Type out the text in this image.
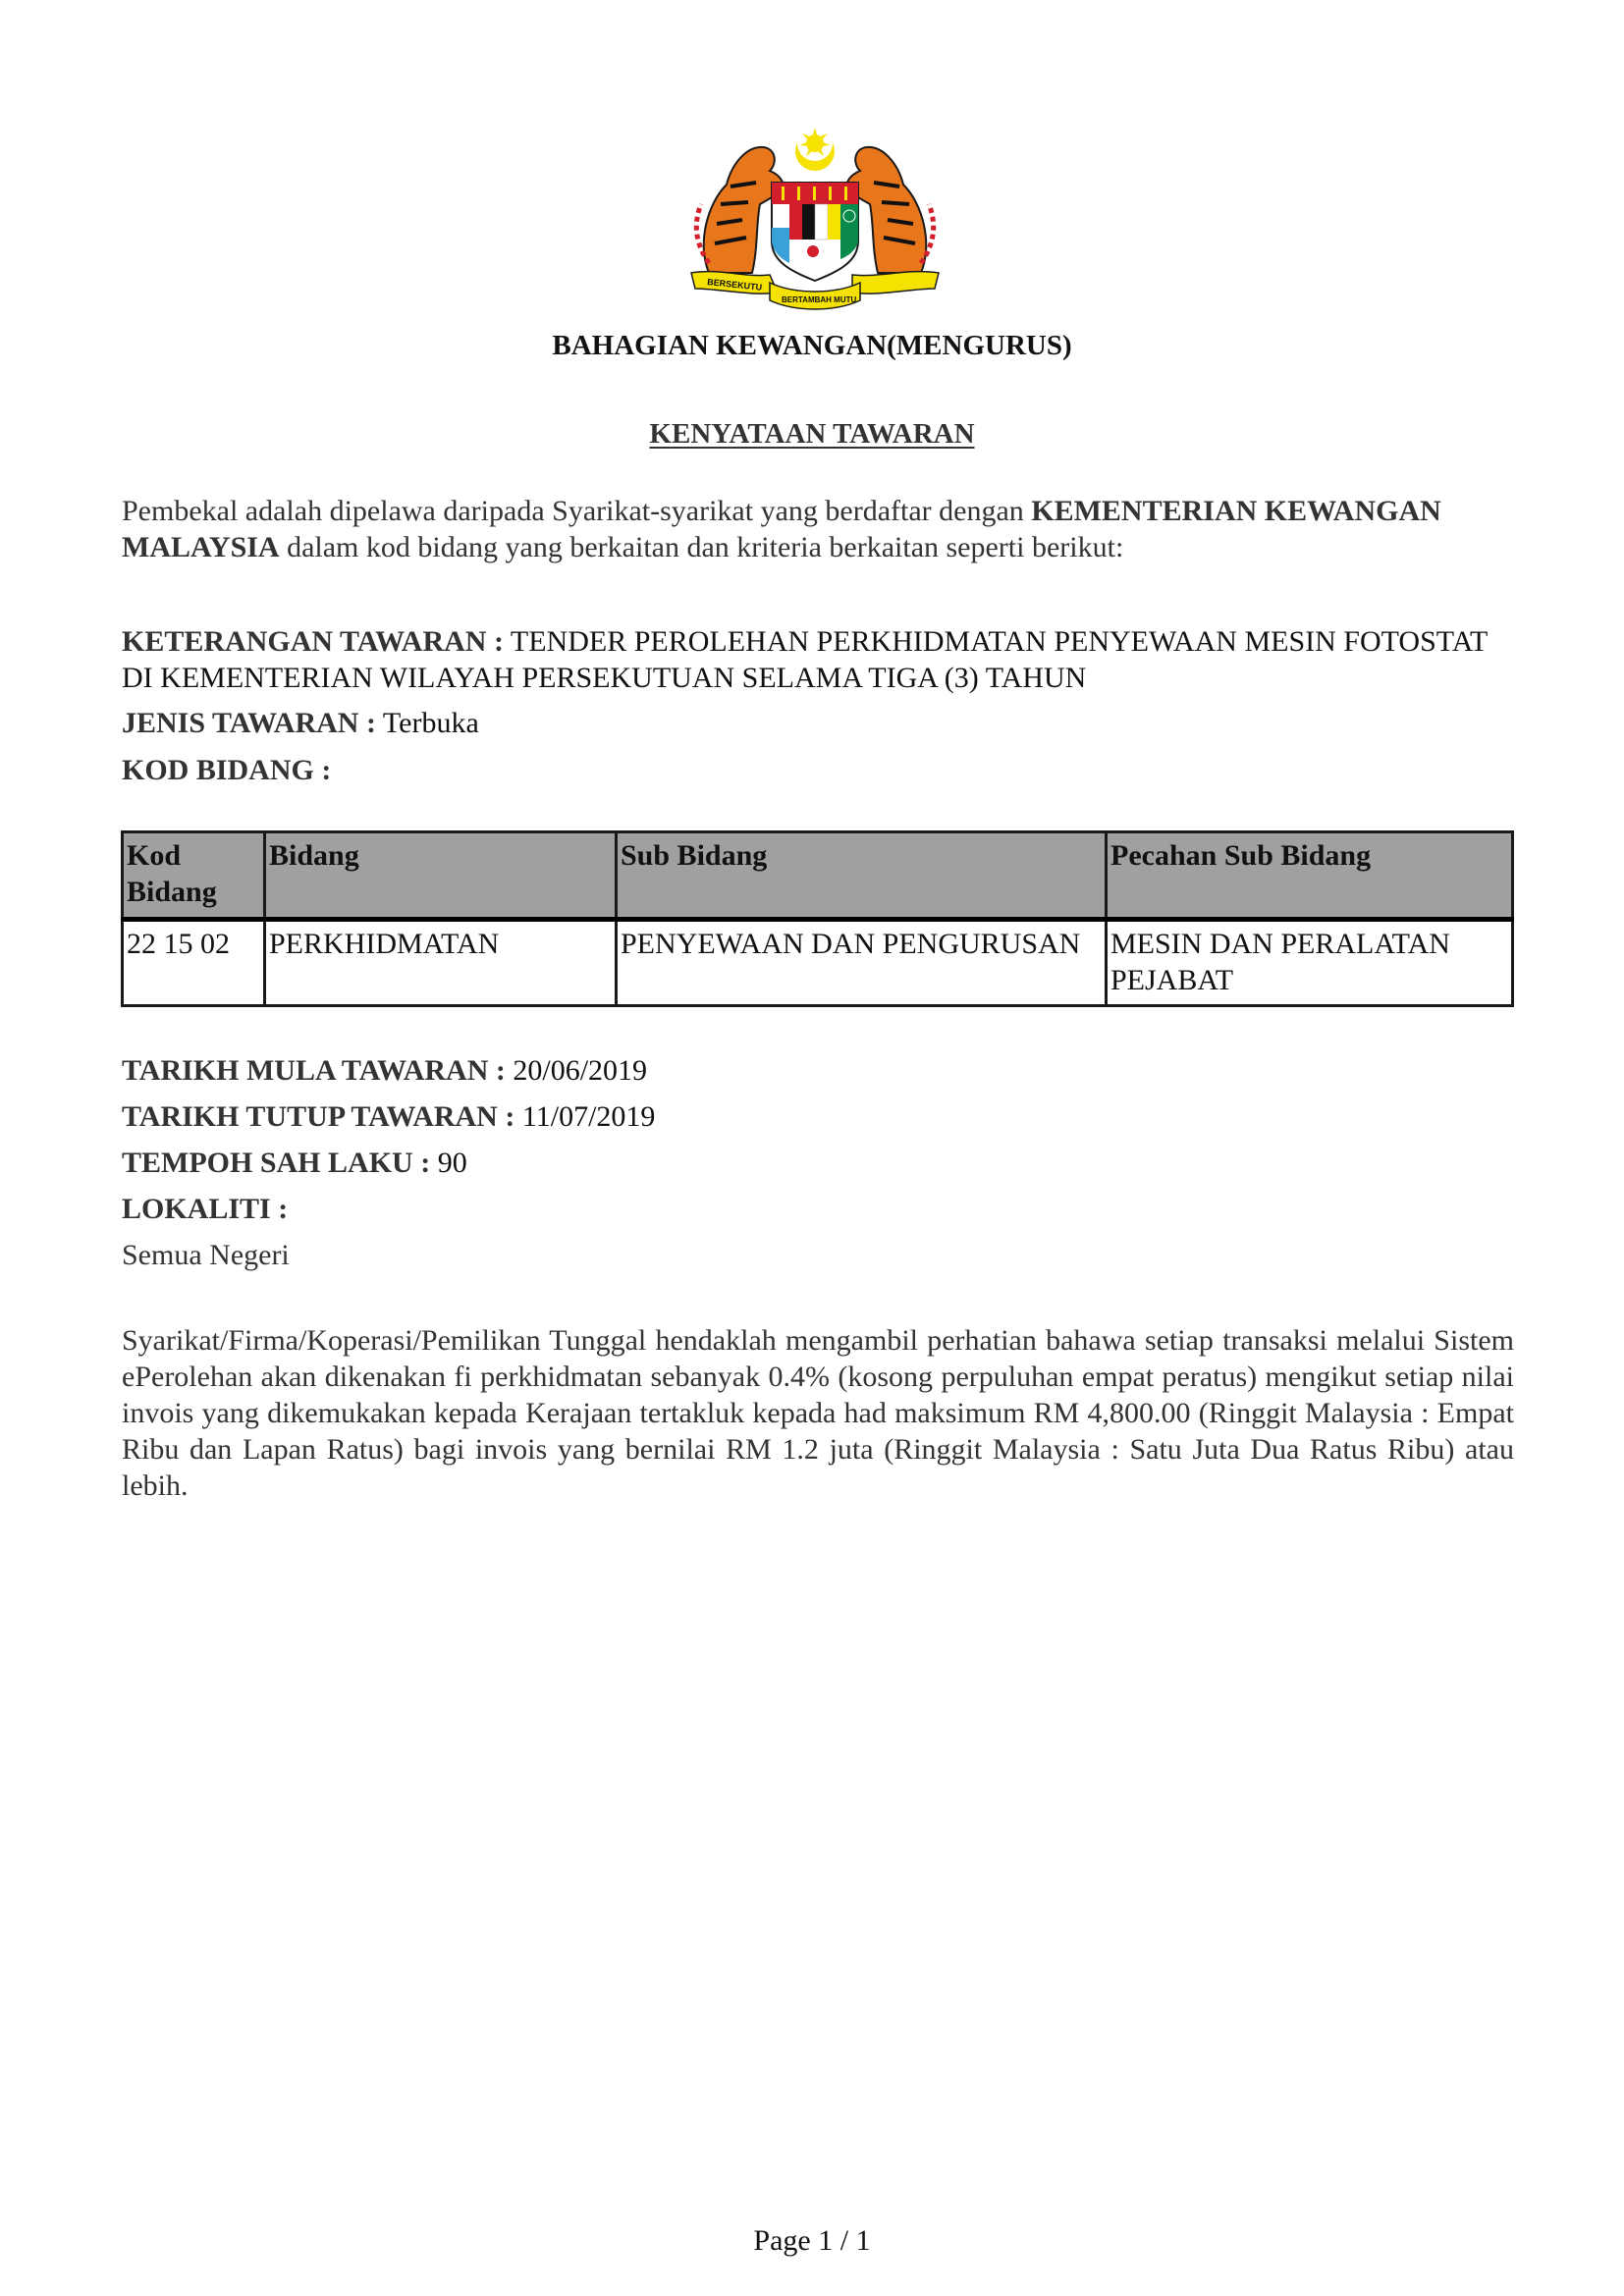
BERSEKUTU
BERTAMBAH MUTU
BAHAGIAN KEWANGAN(MENGURUS)
KENYATAAN TAWARAN
Pembekal adalah dipelawa daripada Syarikat-syarikat yang berdaftar dengan KEMENTERIAN KEWANGAN MALAYSIA dalam kod bidang yang berkaitan dan kriteria berkaitan seperti berikut:
KETERANGAN TAWARAN : TENDER PEROLEHAN PERKHIDMATAN PENYEWAAN MESIN FOTOSTAT DI KEMENTERIAN WILAYAH PERSEKUTUAN SELAMA TIGA (3) TAHUN
JENIS TAWARAN : Terbuka
KOD BIDANG :
Kod Bidang	Bidang	Sub Bidang	Pecahan Sub Bidang
22 15 02	PERKHIDMATAN	PENYEWAAN DAN PENGURUSAN	MESIN DAN PERALATAN PEJABAT
TARIKH MULA TAWARAN : 20/06/2019
TARIKH TUTUP TAWARAN : 11/07/2019
TEMPOH SAH LAKU : 90
LOKALITI :
Semua Negeri
Syarikat/Firma/Koperasi/Pemilikan Tunggal hendaklah mengambil perhatian bahawa setiap transaksi melalui Sistem ePerolehan akan dikenakan fi perkhidmatan sebanyak 0.4% (kosong perpuluhan empat peratus) mengikut setiap nilai invois yang dikemukakan kepada Kerajaan tertakluk kepada had maksimum RM 4,800.00 (Ringgit Malaysia : Empat Ribu dan Lapan Ratus) bagi invois yang bernilai RM 1.2 juta (Ringgit Malaysia : Satu Juta Dua Ratus Ribu) atau lebih.
Page 1 / 1
